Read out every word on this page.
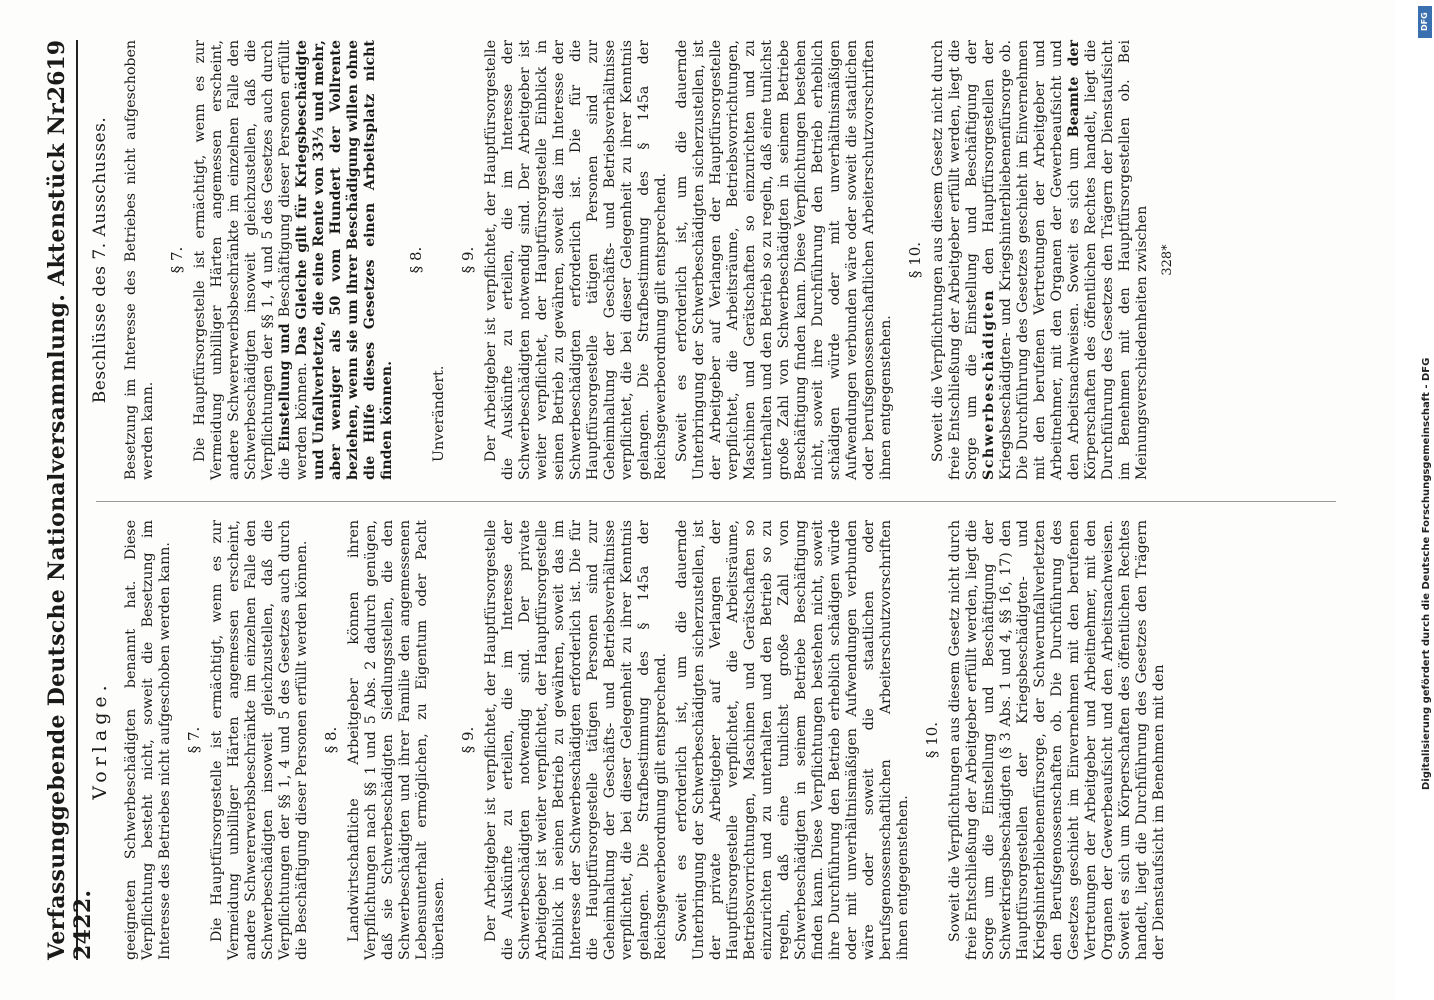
Verfassunggebende Deutsche Nationalversammlung. Aktenstück Nr. 2422.
2619
Vorlage. geeigneten Schwerbeschädigten benannt hat. Diese Verpflichtung besteht nicht, soweit die Besetzung im Interesse des Betriebes nicht aufgeschoben werden kann. § 7. Die Hauptfürsorgestelle ist ermächtigt, wenn es zur Vermeidung unbilliger Härten angemessen erscheint, andere Schwererwerbsbeschränkte im einzelnen Falle den Schwerbeschädigten insoweit gleichzustellen, daß die Verpflichtungen der §§ 1, 4 und 5 des Gesetzes auch durch die Beschäftigung dieser Personen erfüllt werden können. § 8. Landwirtschaftliche Arbeitgeber können ihren Verpflichtungen nach §§ 1 und 5 Abs. 2 dadurch genügen, daß sie Schwerbeschädigten Siedlungsstellen, die den Schwerbeschädigten und ihrer Familie den angemessenen Lebensunterhalt ermöglichen, zu Eigentum oder Pacht überlassen.

§ 9. Der Arbeitgeber ist verpflichtet, der Hauptfürsorgestelle die Auskünfte zu erteilen, die im Interesse der Schwerbeschädigten notwendig sind. Der private Arbeitgeber ist weiter verpflichtet, der Hauptfürsorgestelle Einblick in seinen Betrieb zu gewähren, soweit das im Interesse der Schwerbeschädigten erforderlich ist. Die für die Hauptfürsorgestelle tätigen Personen sind zur Geheimhaltung der Geschäfts- und Betriebsverhältnisse verpflichtet, die bei dieser Gelegenheit zu ihrer Kenntnis gelangen. Die Strafbestimmung des § 145a der Reichsgewerbeordnung gilt entsprechend. Soweit es erforderlich ist, um die dauernde Unterbringung der Schwerbeschädigten sicherzustellen, ist der private Arbeitgeber auf Verlangen der Hauptfürsorgestelle verpflichtet, die Arbeitsräume, Betriebsvorrichtungen, Maschinen und Gerätschaften so einzurichten und zu unterhalten und den Betrieb so zu regeln, daß eine tunlichst große Zahl von Schwerbeschädigten in seinem Betriebe Beschäftigung finden kann. Diese Verpflichtungen bestehen nicht, soweit ihre Durchführung den Betrieb erheblich schädigen würde oder mit unverhältnismäßigen Aufwendungen verbunden wäre oder soweit die staatlichen oder berufsgenossenschaftlichen Arbeiterschutzvorschriften ihnen entgegenstehen.

§ 10. Soweit die Verpflichtungen aus diesem Gesetz nicht durch freie Entschließung der Arbeitgeber erfüllt werden, liegt die Sorge um die Einstellung und Beschäftigung der Schwerkriegsbeschädigten (§ 3 Abs. 1 und 4, §§ 16, 17) den Hauptfürsorgestellen der Kriegsbeschädigten- und Kriegshinterbliebenenfürsorge, der Schwerunfallverletzten den Berufsgenossenschaften ob. Die Durchführung des Gesetzes geschieht im Einvernehmen mit den berufenen Vertretungen der Arbeitgeber und Arbeitnehmer, mit den Organen der Gewerbeaufsicht und den Arbeitsnachweisen. Soweit es sich um Körperschaften des öffentlichen Rechtes handelt, liegt die Durchführung des Gesetzes den Trägern der Dienstaufsicht im Benehmen mit den

Beschlüsse des 7. Ausschusses. Besetzung im Interesse des Betriebes nicht aufgeschoben werden kann.

§ 7. Die Hauptfürsorgestelle ist ermächtigt, wenn es zur Vermeidung unbilliger Härten angemessen erscheint, andere Schwererwerbsbeschränkte im einzelnen Falle den Schwerbeschädigten insoweit gleichzustellen, daß die Verpflichtungen der §§ 1, 4 und 5 des Gesetzes auch durch die Einstellung und Beschäftigung dieser Personen erfüllt werden können. Das Gleiche gilt für Kriegsbeschädigte und Unfallverletzte, die eine Rente von 33⅓ und mehr, aber weniger als 50 vom Hundert der Vollrente beziehen, wenn sie um ihrer Beschädigung willen ohne die Hilfe dieses Gesetzes einen Arbeitsplatz nicht finden können.

§ 8.

Unverändert.

§ 9. Der Arbeitgeber ist verpflichtet, der Hauptfürsorgestelle die Auskünfte zu erteilen, die im Interesse der Schwerbeschädigten notwendig sind. Der Arbeitgeber ist weiter verpflichtet, der Hauptfürsorgestelle Einblick in seinen Betrieb zu gewähren, soweit das im Interesse der Schwerbeschädigten erforderlich ist. Die für die Hauptfürsorgestelle tätigen Personen sind zur Geheimhaltung der Geschäfts- und Betriebsverhältnisse verpflichtet, die bei dieser Gelegenheit zu ihrer Kenntnis gelangen. Die Strafbestimmung des § 145a der Reichsgewerbeordnung gilt entsprechend. Soweit es erforderlich ist, um die dauernde Unterbringung der Schwerbeschädigten sicherzustellen, ist der Arbeitgeber auf Verlangen der Hauptfürsorgestelle verpflichtet, die Arbeitsräume, Betriebsvorrichtungen, Maschinen und Gerätschaften so einzurichten und zu unterhalten und den Betrieb so zu regeln, daß eine tunlichst große Zahl von Schwerbeschädigten in seinem Betriebe Beschäftigung finden kann. Diese Verpflichtungen bestehen nicht, soweit ihre Durchführung den Betrieb erheblich schädigen würde oder mit unverhältnismäßigen Aufwendungen verbunden wäre oder soweit die staatlichen oder berufsgenossenschaftlichen Arbeiterschutzvorschriften ihnen entgegenstehen.

§ 10. Soweit die Verpflichtungen aus diesem Gesetz nicht durch freie Entschließung der Arbeitgeber erfüllt werden, liegt die Sorge um die Einstellung und Beschäftigung der Schwerbeschädigten den Hauptfürsorgestellen der Kriegsbeschädigten- und Kriegshinterbliebenenfürsorge ob. Die Durchführung des Gesetzes geschieht im Einvernehmen mit den berufenen Vertretungen der Arbeitgeber und Arbeitnehmer, mit den Organen der Gewerbeaufsicht und den Arbeitsnachweisen. Soweit es sich um Beamte der Körperschaften des öffentlichen Rechtes handelt, liegt die Durchführung des Gesetzes den Trägern der Dienstaufsicht im Benehmen mit den Hauptfürsorgestellen ob. Bei Meinungsverschiedenheiten zwischen 328*
DFG
Digitalisierung gefördert durch die Deutsche Forschungsgemeinschaft - DFG
